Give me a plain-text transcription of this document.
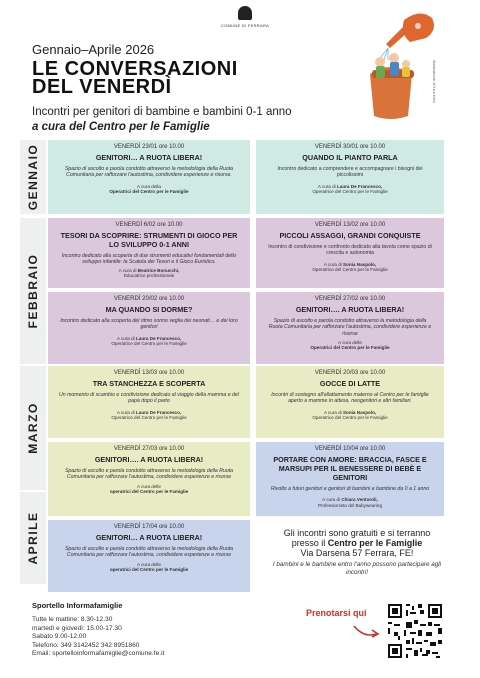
COMUNE DI FERRARA
Gennaio–Aprile 2026
LE CONVERSAZIONI
DEL VENERDÌ
Incontri per genitori di bambine e bambini 0-1 anno
a cura del Centro per le Famiglie
illustrazione di luca boni
GENNAIO
FEBBRAIO
MARZO
APRILE
VENERDÌ 23/01 ore 10.00
GENITORI… A RUOTA LIBERA!
Spazio di ascolto e parola condotto attraverso la metodologia della Ruota Comunitaria per rafforzare l'autostima, condividere esperienze e risorse.
A cura della
Operatrici del Centro per le Famiglie
VENERDÌ 30/01 ore 10.00
QUANDO IL PIANTO PARLA
Incontro dedicato a comprendere e accompagnare i bisogni dei piccolissimi
A cura di Laura De Francesco,
Operatrice del Centro per le Famiglie
VENERDÌ 6/02 ore 10.00
TESORI DA SCOPRIRE: STRUMENTI DI GIOCO PER LO SVILUPPO 0-1 ANNI
Incontro dedicato alla scoperta di due strumenti educativi fondamentali dello sviluppo infantile: la Scatola dei Tesori e il Gioco Euristico.
A cura di Beatrice Bonucchi,
Educatrice professionale
VENERDÌ 13/02 ore 10.00
PICCOLI ASSAGGI, GRANDI CONQUISTE
Incontro di condivisione e confronto dedicato alla tavola come spazio di crescita e autonomia
A cura di Sonia Naspolo,
Operatrice del Centro per le Famiglie
VENERDÌ 20/02 ore 10.00
MA QUANDO SI DORME?
Incontro dedicato alla scoperta del ritmo sonno veglia dei neonati… e dei loro genitori
A cura di Laura De Francesco,
Operatrice del Centro per le Famiglie
VENERDÌ 27/02 ore 10.00
GENITORI…. A RUOTA LIBERA!
Spazio di ascolto e parola condotto attraverso la metodologia della Ruota Comunitaria per rafforzare l'autostima, condividere esperienze e risorse
A cura delle
Operatrici del Centro per le Famiglie
VENERDÌ 13/03 ore 10.00
TRA STANCHEZZA E SCOPERTA
Un momento di scambio e condivisione dedicato al viaggio della mamma e del papà dopo il parto
A cura di Laura De Francesco,
Operatrice del Centro per le Famiglie
VENERDÌ 20/03 ore 10.00
GOCCE DI LATTE
Incontri di sostegno all'allattamento materno al Centro per le famiglie aperto a mamme in attesa, neogenitori e altri familiari.
A cura di Sonia Naspolo,
Operatrice del Centro per le Famiglie
VENERDÌ 27/03 ore 10.00
GENITORI…. A RUOTA LIBERA!
Spazio di ascolto e parola condotto attraverso la metodologia della Ruota Comunitaria per rafforzare l'autostima, condividere esperienze e risorse
A cura delle
operatrici del Centro per le Famiglie
VENERDÌ 10/04 ore 10.00
PORTARE CON AMORE: BRACCIA, FASCE E MARSUPI PER IL BENESSERE DI BEBÈ E GENITORI
Rivolto a futuri genitori e genitori di bambini e bambine da 0 a 1 anno
A cura di Chiara Venturoli,
Professionista del Babywearing
VENERDÌ 17/04 ore 10.00
GENITORI… A RUOTA LIBERA!
Spazio di ascolto e parola condotto attraverso la metodologia della Ruota Comunitaria per rafforzare l'autostima, condividere esperienze e risorse
A cura delle
operatrici del Centro per le Famiglie
Gli incontri sono gratuiti e si terranno
presso il Centro per le Famiglie
Via Darsena 57 Ferrara, FE!
I bambini e le bambine entro l'anno possono partecipare agli incontri!
Sportello Informafamiglie
Tutte le mattine: 8.30-12.30
martedì e giovedì: 15.00-17.30
Sabato 9.00-12.00
Telefono: 349 3142452 342 8951860
Email: sportelloinformafamiglie@comune.fe.it
Prenotarsi qui
